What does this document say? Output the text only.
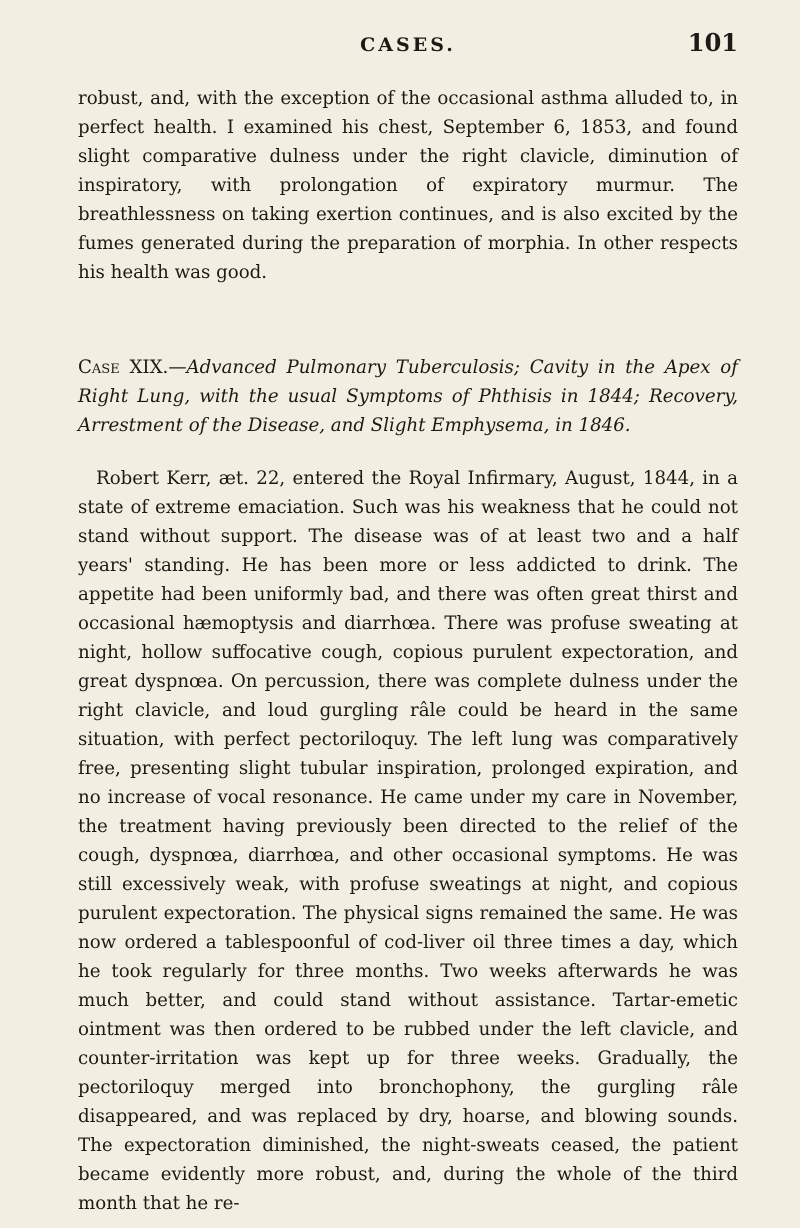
CASES.	101

robust, and, with the exception of the occasional asthma alluded to, in perfect health. I examined his chest, September 6, 1853, and found slight comparative dulness under the right clavicle, diminution of inspiratory, with prolongation of expiratory murmur. The breathlessness on taking exertion continues, and is also excited by the fumes generated during the preparation of morphia. In other respects his health was good.

Case XIX.—Advanced Pulmonary Tuberculosis; Cavity in the Apex of Right Lung, with the usual Symptoms of Phthisis in 1844; Recovery, Arrestment of the Disease, and Slight Emphysema, in 1846.

Robert Kerr, æt. 22, entered the Royal Infirmary, August, 1844, in a state of extreme emaciation. Such was his weakness that he could not stand without support. The disease was of at least two and a half years' standing. He has been more or less addicted to drink. The appetite had been uniformly bad, and there was often great thirst and occasional hæmoptysis and diarrhœa. There was profuse sweating at night, hollow suffocative cough, copious purulent expectoration, and great dyspnœa. On percussion, there was complete dulness under the right clavicle, and loud gurgling râle could be heard in the same situation, with perfect pectoriloquy. The left lung was comparatively free, presenting slight tubular inspiration, prolonged expiration, and no increase of vocal resonance. He came under my care in November, the treatment having previously been directed to the relief of the cough, dyspnœa, diarrhœa, and other occasional symptoms. He was still excessively weak, with profuse sweatings at night, and copious purulent expectoration. The physical signs remained the same. He was now ordered a tablespoonful of cod-liver oil three times a day, which he took regularly for three months. Two weeks afterwards he was much better, and could stand without assistance. Tartar-emetic ointment was then ordered to be rubbed under the left clavicle, and counter-irritation was kept up for three weeks. Gradually, the pectoriloquy merged into bronchophony, the gurgling râle disappeared, and was replaced by dry, hoarse, and blowing sounds. The expectoration diminished, the night-sweats ceased, the patient became evidently more robust, and, during the whole of the third month that he re-
